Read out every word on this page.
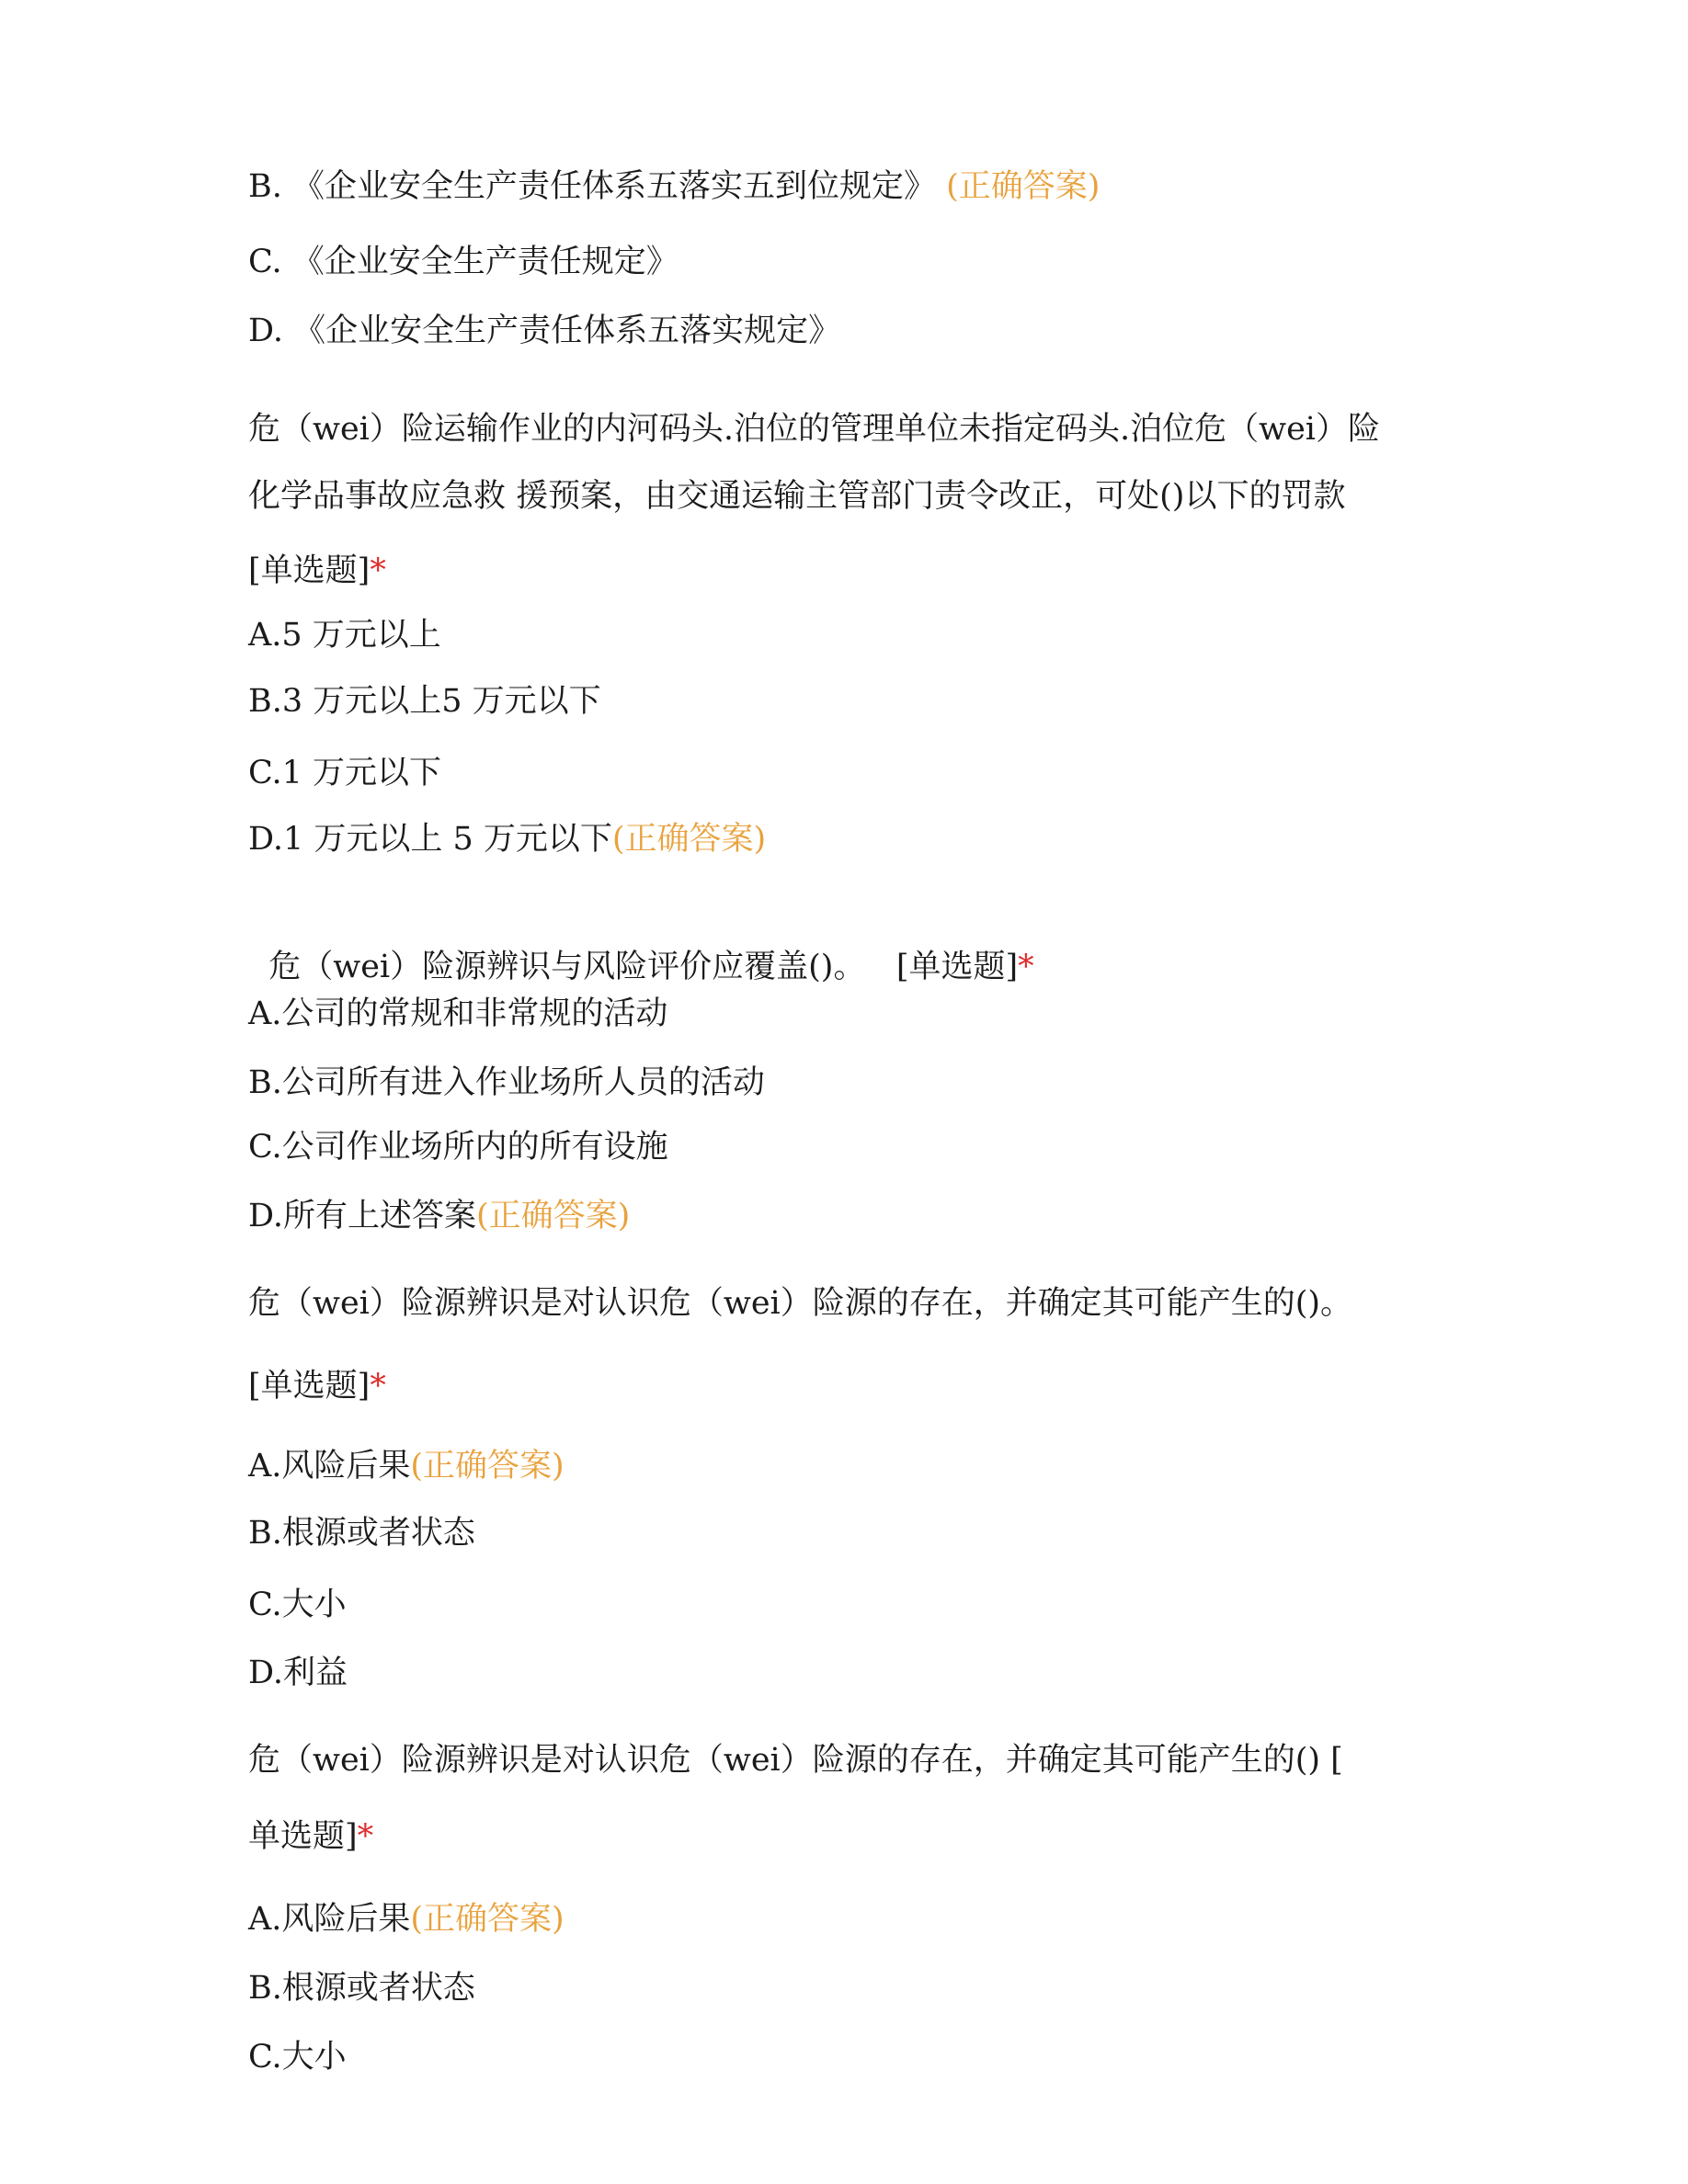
B. 《企业安全生产责任体系五落实五到位规定》 (正确答案)
C. 《企业安全生产责任规定》
D. 《企业安全生产责任体系五落实规定》
危（wei）险运输作业的内河码头.泊位的管理单位未指定码头.泊位危（wei）险
化学品事故应急救 援预案，由交通运输主管部门责令改正，可处()以下的罚款
[单选题]*
A.5 万元以上
B.3 万元以上5 万元以下
C.1 万元以下
D.1 万元以上 5 万元以下(正确答案)

危（wei）险源辨识与风险评价应覆盖()。   [单选题]*

A.公司的常规和非常规的活动
B.公司所有进入作业场所人员的活动
C.公司作业场所内的所有设施
D.所有上述答案(正确答案)
危（wei）险源辨识是对认识危（wei）险源的存在，并确定其可能产生的()。
[单选题]*
A.风险后果(正确答案)
B.根源或者状态
C.大小
D.利益
危（wei）险源辨识是对认识危（wei）险源的存在，并确定其可能产生的() [
单选题]*
A.风险后果(正确答案)
B.根源或者状态
C.大小
